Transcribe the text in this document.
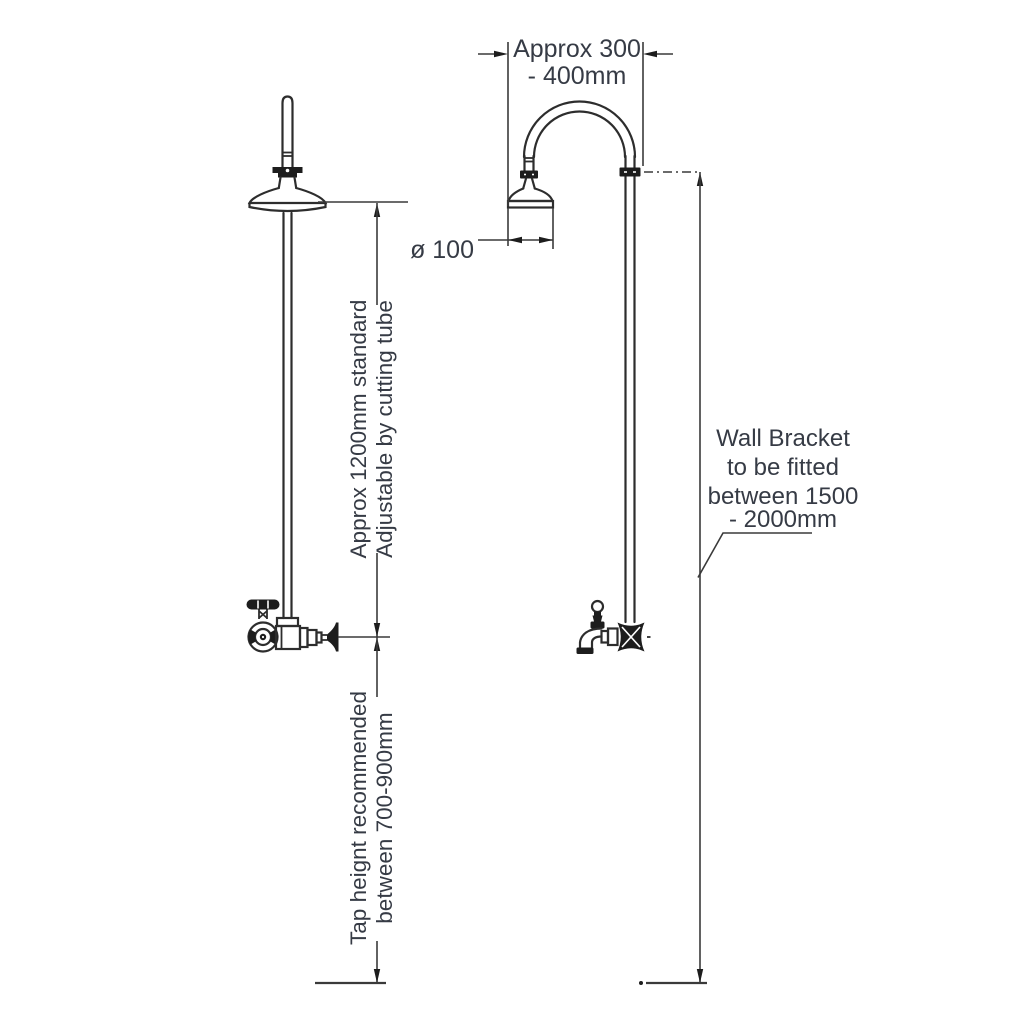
Approx 300
- 400mm
ø 100
Approx 1200mm standard Adjustable by cutting tube
Tap heignt recommended between 700-900mm
Wall Bracket
to be fitted
between 1500
- 2000mm
